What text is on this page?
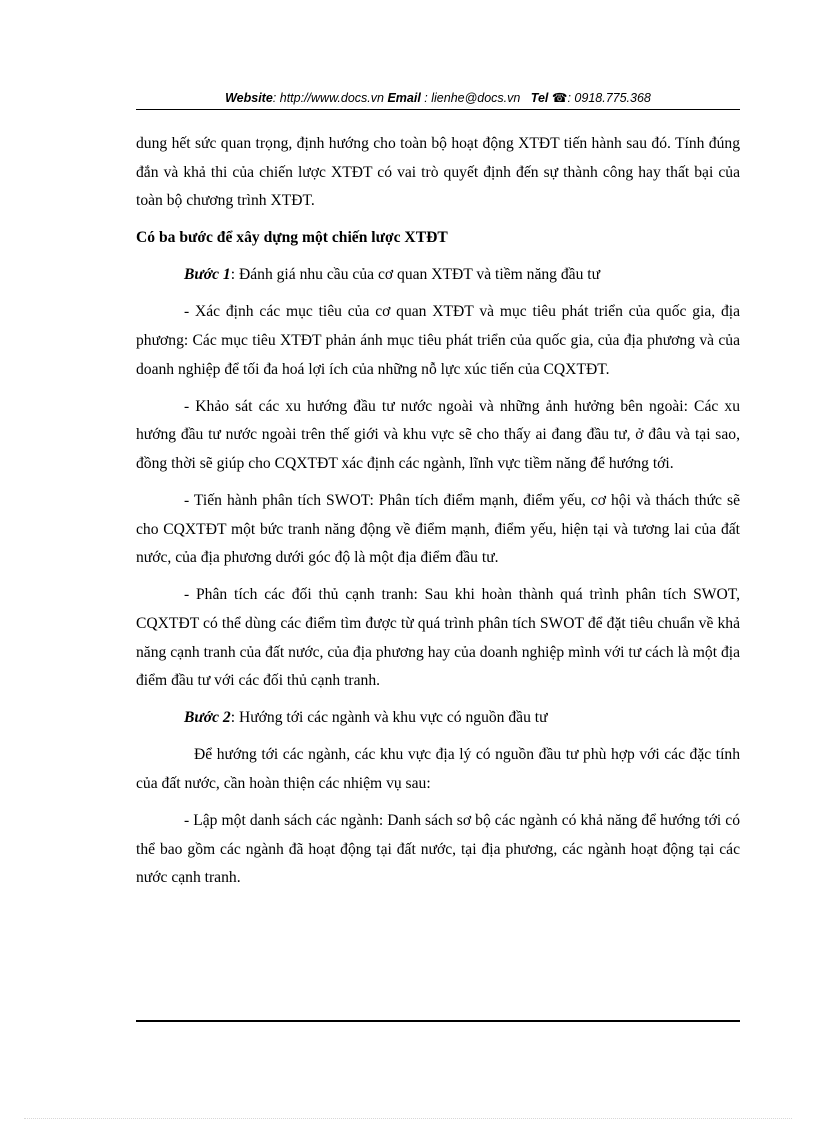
Website: http://www.docs.vn Email : lienhe@docs.vn Tel ☎: 0918.775.368

dung hết sức quan trọng, định hướng cho toàn bộ hoạt động XTĐT tiến hành sau đó. Tính đúng đắn và khả thi của chiến lược XTĐT có vai trò quyết định đến sự thành công hay thất bại của toàn bộ chương trình XTĐT.

Có ba bước để xây dựng một chiến lược XTĐT

Bước 1: Đánh giá nhu cầu của cơ quan XTĐT và tiềm năng đầu tư

- Xác định các mục tiêu của cơ quan XTĐT và mục tiêu phát triển của quốc gia, địa phương: Các mục tiêu XTĐT phản ánh mục tiêu phát triển của quốc gia, của địa phương và của doanh nghiệp để tối đa hoá lợi ích của những nỗ lực xúc tiến của CQXTĐT.

- Khảo sát các xu hướng đầu tư nước ngoài và những ảnh hưởng bên ngoài: Các xu hướng đầu tư nước ngoài trên thế giới và khu vực sẽ cho thấy ai đang đầu tư, ở đâu và tại sao, đồng thời sẽ giúp cho CQXTĐT xác định các ngành, lĩnh vực tiềm năng để hướng tới.

- Tiến hành phân tích SWOT: Phân tích điểm mạnh, điểm yếu, cơ hội và thách thức sẽ cho CQXTĐT một bức tranh năng động về điểm mạnh, điểm yếu, hiện tại và tương lai của đất nước, của địa phương dưới góc độ là một địa điểm đầu tư.

- Phân tích các đối thủ cạnh tranh: Sau khi hoàn thành quá trình phân tích SWOT, CQXTĐT có thể dùng các điểm tìm được từ quá trình phân tích SWOT để đặt tiêu chuẩn về khả năng cạnh tranh của đất nước, của địa phương hay của doanh nghiệp mình với tư cách là một địa điểm đầu tư với các đối thủ cạnh tranh.

Bước 2: Hướng tới các ngành và khu vực có nguồn đầu tư

Để hướng tới các ngành, các khu vực địa lý có nguồn đầu tư phù hợp với các đặc tính của đất nước, cần hoàn thiện các nhiệm vụ sau:

- Lập một danh sách các ngành: Danh sách sơ bộ các ngành có khả năng để hướng tới có thể bao gồm các ngành đã hoạt động tại đất nước, tại địa phương, các ngành hoạt động tại các nước cạnh tranh.
